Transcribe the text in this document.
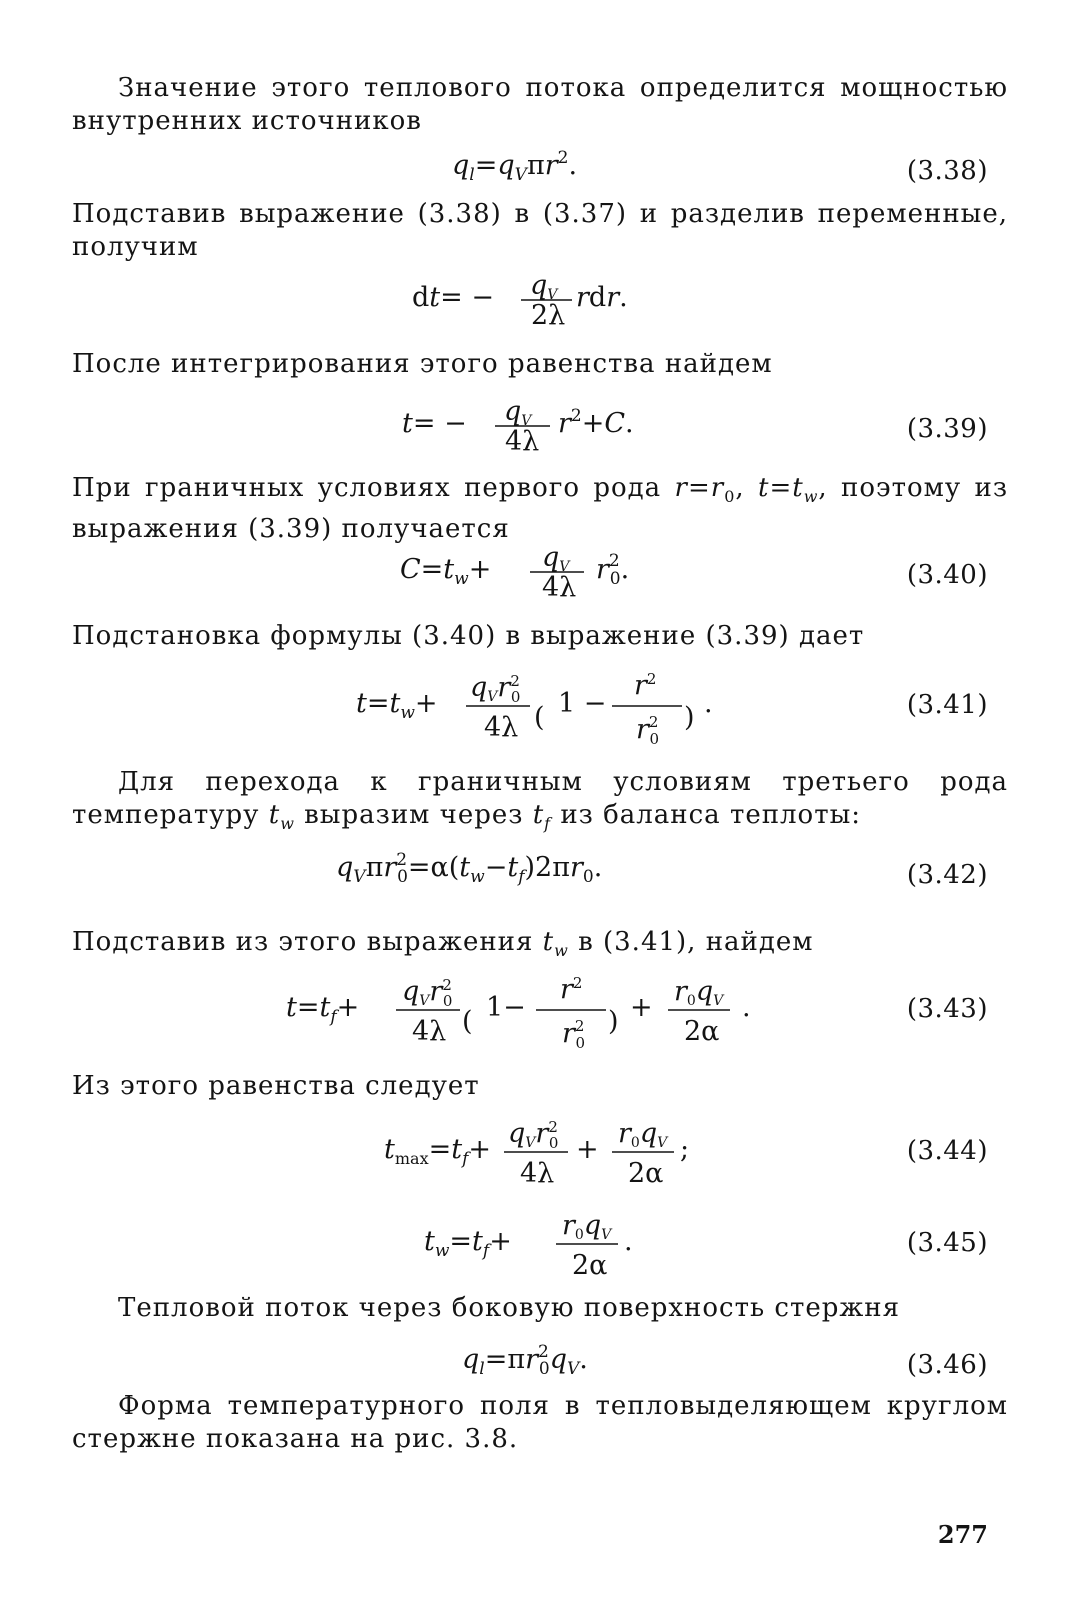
Значение этого теплового потока определится мощностью внутренних источников
$q_l=q_V\pi r^2$.	(3.38)
Подставив выражение (3.38) в (3.37) и разделив переменные, получим
dt= − qV
2λ
rdr.
После интегрирования этого равенства найдем
t= − qV
4λ
$r^2+C$.	(3.39)
При граничных условиях первого рода $r=r_0$, $t=t_w$, поэтому из выражения (3.39) получается
$C=t_w+$ qV
4λ
$r^2$ 0.	(3.40)
Подстановка формулы (3.40) в выражение (3.39) дает
$t=t_w+$
qVr$^2$ 0
4λ ( 1 −
$r^2$
$r^2$ 0
) .	(3.41)
Для перехода к граничным условиям третьего рода температуру $t_w$ выразим через $t_f$ из баланса теплоты:
$q_V\pi r^2$ $0=\alpha(t_w-t_f)2\pi r_0$.	(3.42)
Подставив из этого выражения $t_w$ в (3.41), найдем
$t=t_f+$
qVr$^2$ 0
4λ ( 1−
$r^2$
$r^2$ 0
) +
r0qV
2α
.	(3.43)
Из этого равенства следует
$t_{max}=t_f+$
qVr$^2$ 0
4λ
+
r0qV
2α
;	(3.44)
$t_w=t_f+$
r0qV
2α
.	(3.45)
Тепловой поток через боковую поверхность стержня
$q_l=\pi r^2$ $0q_V$.	(3.46)
Форма температурного поля в тепловыделяющем круглом стержне показана на рис. 3.8.
277
